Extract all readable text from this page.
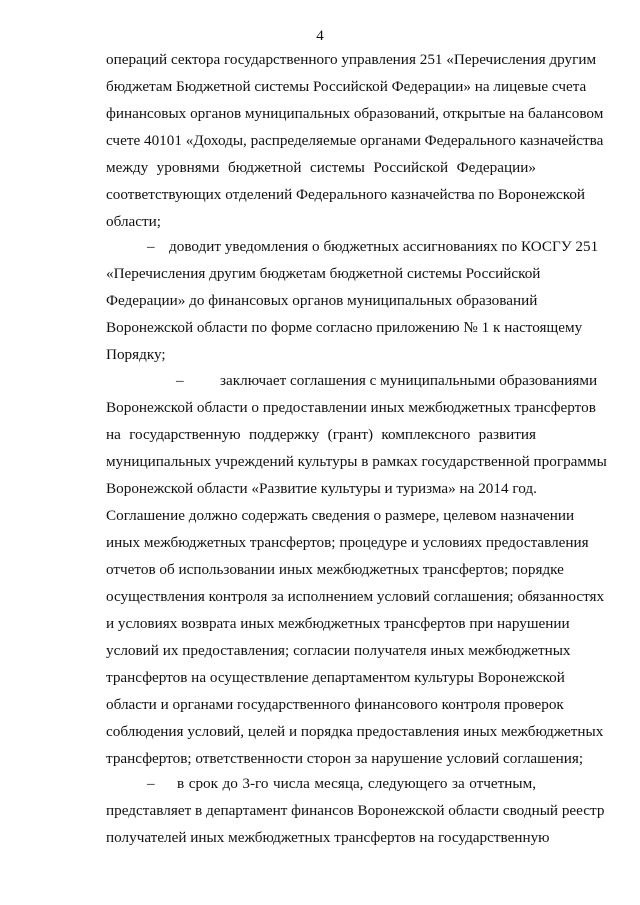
4
операций сектора государственного управления 251 «Перечисления другим
бюджетам Бюджетной системы Российской Федерации» на лицевые счета
финансовых органов муниципальных образований, открытые на балансовом
счете 40101 «Доходы, распределяемые органами Федерального казначейства
между уровнями бюджетной системы Российской Федерации»
соответствующих отделений Федерального казначейства по Воронежской
области;
– доводит уведомления о бюджетных ассигнованиях по КОСГУ 251
«Перечисления другим бюджетам бюджетной системы Российской
Федерации» до финансовых органов муниципальных образований
Воронежской области по форме согласно приложению № 1 к настоящему
Порядку;
– заключает соглашения с муниципальными образованиями
Воронежской области о предоставлении иных межбюджетных трансфертов
на государственную поддержку (грант) комплексного развития
муниципальных учреждений культуры в рамках государственной программы
Воронежской области «Развитие культуры и туризма» на 2014 год.
Соглашение должно содержать сведения о размере, целевом назначении
иных межбюджетных трансфертов; процедуре и условиях предоставления
отчетов об использовании иных межбюджетных трансфертов; порядке
осуществления контроля за исполнением условий соглашения; обязанностях
и условиях возврата иных межбюджетных трансфертов при нарушении
условий их предоставления; согласии получателя иных межбюджетных
трансфертов на осуществление департаментом культуры Воронежской
области и органами государственного финансового контроля проверок
соблюдения условий, целей и порядка предоставления иных межбюджетных
трансфертов; ответственности сторон за нарушение условий соглашения;
– в срок до 3-го числа месяца, следующего за отчетным,
представляет в департамент финансов Воронежской области сводный реестр
получателей иных межбюджетных трансфертов на государственную
